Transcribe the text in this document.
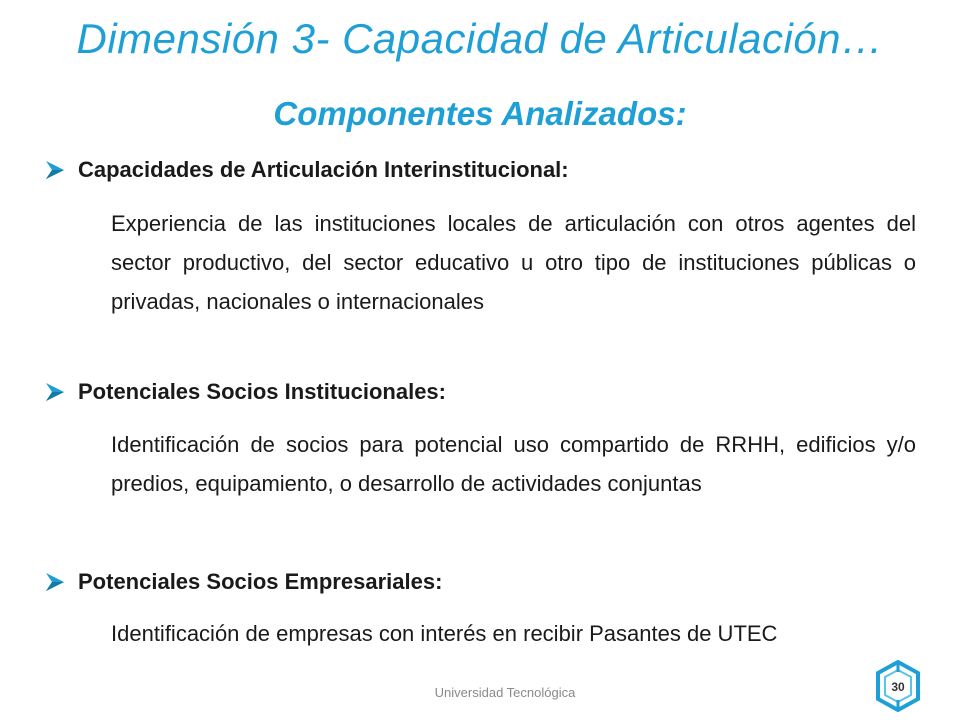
Dimensión 3- Capacidad de Articulación…
Componentes Analizados:
Capacidades de Articulación Interinstitucional:
Experiencia de las instituciones locales de articulación con otros agentes del sector productivo, del sector educativo u otro tipo de instituciones públicas o privadas, nacionales o internacionales
Potenciales Socios Institucionales:
Identificación de socios para potencial uso compartido de RRHH, edificios y/o predios, equipamiento, o desarrollo de actividades conjuntas
Potenciales Socios Empresariales:
Identificación de empresas con interés en recibir Pasantes de UTEC
Universidad Tecnológica	30
